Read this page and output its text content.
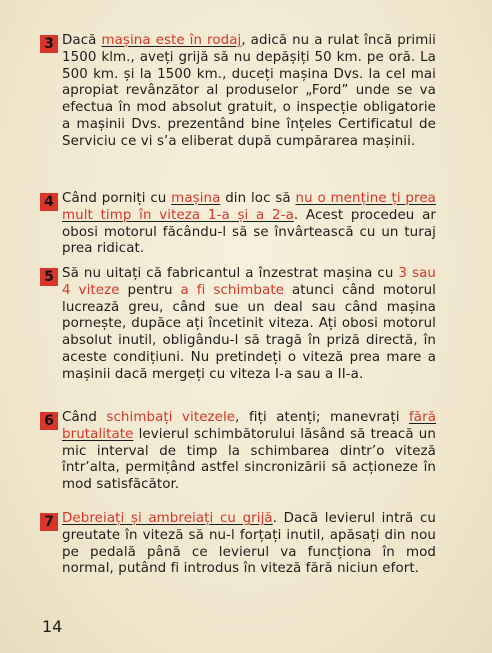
3 Dacă mașina este în rodaj, adică nu a rulat încă primii 1500 klm., aveți grijă să nu depășiți 50 km. pe oră. La 500 km. și la 1500 km., duceți mașina Dvs. la cel mai apropiat revânzător al produselor „Ford” unde se va efectua în mod absolut gratuit, o inspecție obligatorie a mașinii Dvs. prezentând bine înțeles Certificatul de Serviciu ce vi s’a eliberat după cumpărarea mașinii.

4 Când porniți cu mașina din loc să nu o menține ți prea mult timp în viteza 1-a și a 2-a. Acest procedeu ar obosi motorul făcându-l să se învârtească cu un turaj prea ridicat.

5 Să nu uitați că fabricantul a înzestrat mașina cu 3 sau 4 viteze pentru a fi schimbate atunci când motorul lucrează greu, când sue un deal sau când mașina pornește, dupăce ați încetinit viteza. Ați obosi motorul absolut inutil, obligându-l să tragă în priză directă, în aceste condițiuni. Nu pretindeți o viteză prea mare a mașinii dacă mergeți cu viteza I-a sau a II-a.

6 Când schimbați vitezele, fiți atenți; manevrați fără brutalitate levierul schimbătorului lăsând să treacă un mic interval de timp la schimbarea dintr’o viteză într’alta, permițând astfel sincronizării să acționeze în mod satisfăcător.

7 Debreiați și ambreiați cu grijă. Dacă levierul intră cu greutate în viteză să nu-l forțați inutil, apăsați din nou pe pedală până ce levierul va funcționa în mod normal, putând fi introdus în viteză fără niciun efort.

14
